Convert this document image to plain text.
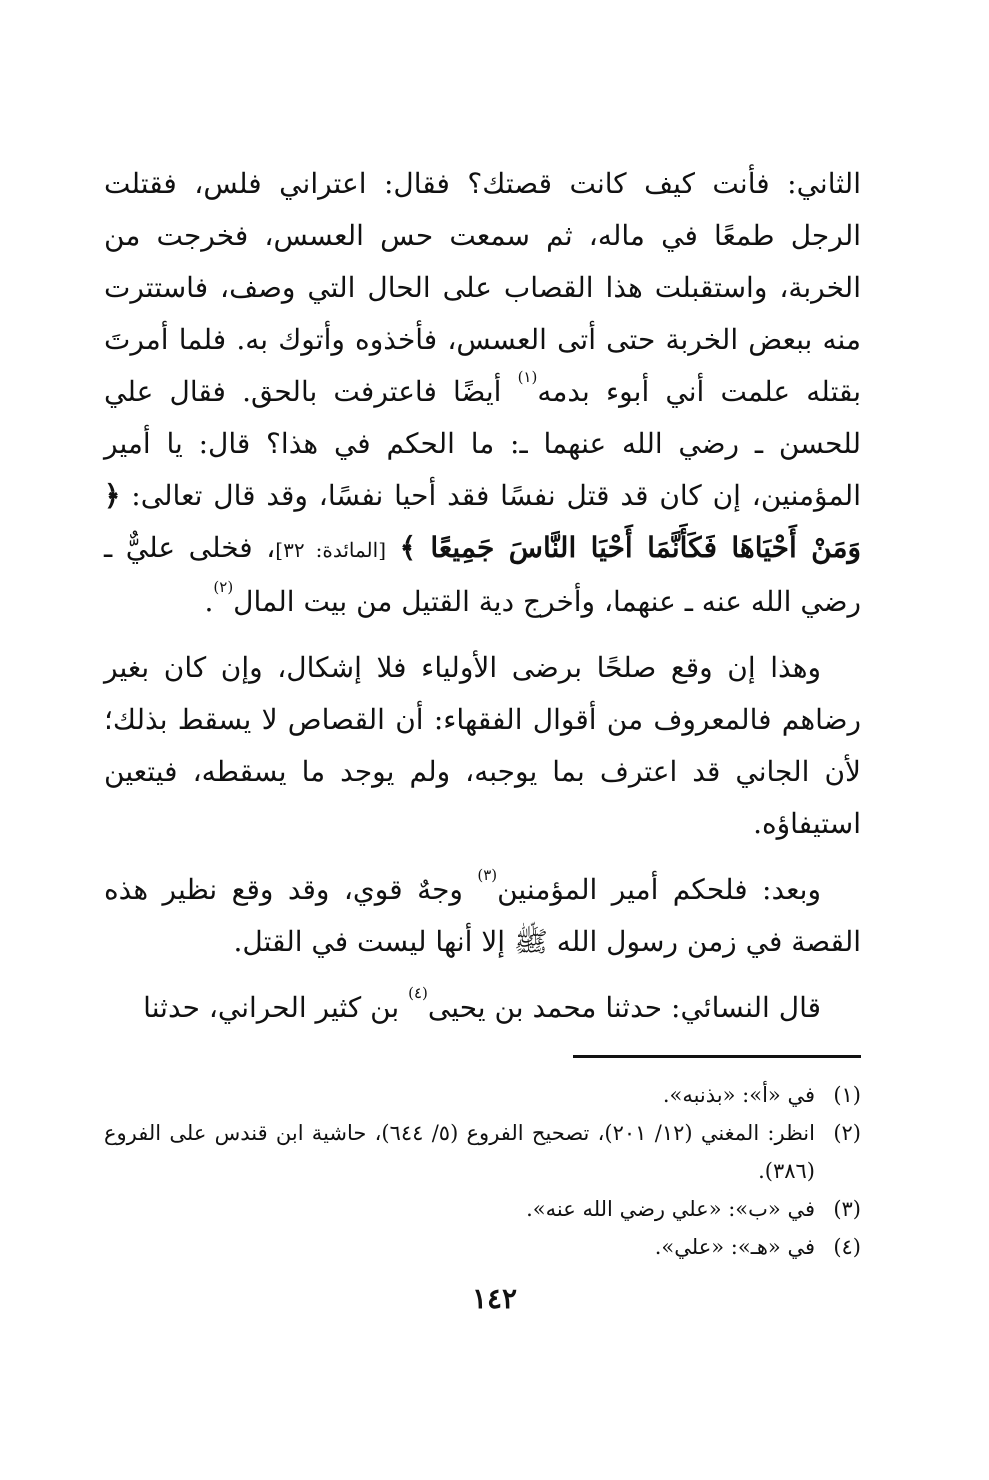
الثاني: فأنت كيف كانت قصتك؟ فقال: اعتراني فلس، فقتلت الرجل طمعًا في ماله، ثم سمعت حس العسس، فخرجت من الخربة، واستقبلت هذا القصاب على الحال التي وصف، فاستترت منه ببعض الخربة حتى أتى العسس، فأخذوه وأتوك به. فلما أمرتَ بقتله علمت أني أبوء بدمه$^{(١)}$ أيضًا فاعترفت بالحق. فقال علي للحسن ـ رضي الله عنهما ـ: ما الحكم في هذا؟ قال: يا أمير المؤمنين، إن كان قد قتل نفسًا فقد أحيا نفسًا، وقد قال تعالى: ﴿ وَمَنْ أَحْيَاهَا فَكَأَنَّمَا أَحْيَا النَّاسَ جَمِيعًا ﴾ [المائدة: ٣٢]، فخلى عليٌّ ـ رضي الله عنه ـ عنهما، وأخرج دية القتيل من بيت المال$^{(٢)}$.

وهذا إن وقع صلحًا برضى الأولياء فلا إشكال، وإن كان بغير رضاهم فالمعروف من أقوال الفقهاء: أن القصاص لا يسقط بذلك؛ لأن الجاني قد اعترف بما يوجبه، ولم يوجد ما يسقطه، فيتعين استيفاؤه.

وبعد: فلحكم أمير المؤمنين$^{(٣)}$ وجهٌ قوي، وقد وقع نظير هذه القصة في زمن رسول الله ﷺ إلا أنها ليست في القتل.

قال النسائي: حدثنا محمد بن يحيى$^{(٤)}$ بن كثير الحراني، حدثنا

(١)
في «أ»: «بذنبه».
(٢)
انظر: المغني (١٢/ ٢٠١)، تصحيح الفروع (٥/ ٦٤٤)، حاشية ابن قندس على الفروع (٣٨٦).
(٣)
في «ب»: «علي رضي الله عنه».
(٤)
في «هـ»: «علي».
١٤٢
